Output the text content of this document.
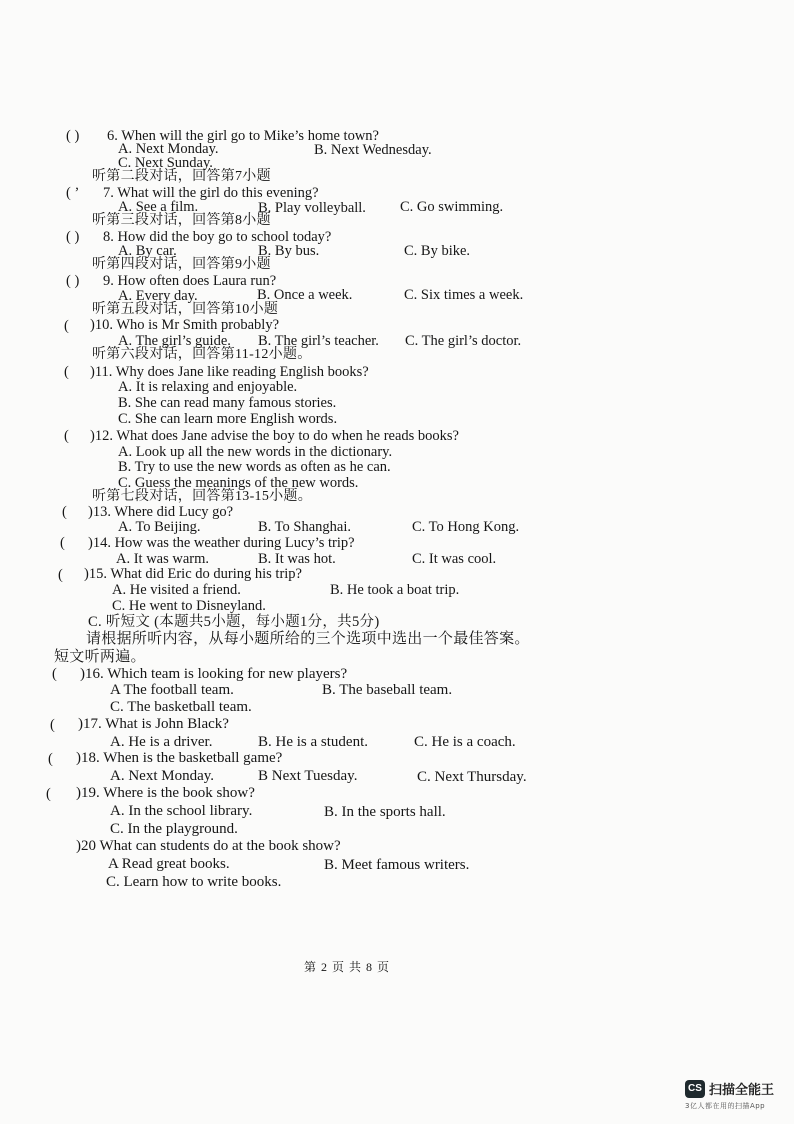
( ) 6. When will the girl go to Mike’s home town?
A. Next Monday.	B. Next Wednesday.
C. Next Sunday.
听第二段对话，回答第7小题
( ’ 7. What will the girl do this evening?
A. See a film.	B. Play volleyball. C. Go swimming.
听第三段对话，回答第8小题
( ) 8. How did the boy go to school today?
A. By car.	B. By bus.	C. By bike.
听第四段对话，回答第9小题
( ) 9. How often does Laura run?
A. Every day.	B. Once a week.	C. Six times a week.
听第五段对话，回答第10小题
( )10. Who is Mr Smith probably?
A. The girl’s guide. B. The girl’s teacher. C. The girl’s doctor.
听第六段对话，回答第11-12小题。
( )11. Why does Jane like reading English books?
A. It is relaxing and enjoyable.
B. She can read many famous stories.
C. She can learn more English words.
( )12. What does Jane advise the boy to do when he reads books?
A. Look up all the new words in the dictionary.
B. Try to use the new words as often as he can.
C. Guess the meanings of the new words.
听第七段对话，回答第13-15小题。
( )13. Where did Lucy go?
A. To Beijing.	B. To Shanghai.	C. To Hong Kong.
( )14. How was the weather during Lucy’s trip?
A. It was warm.	B. It was hot.	C. It was cool.
( )15. What did Eric do during his trip?
A. He visited a friend.	B. He took a boat trip.
C. He went to Disneyland.
C. 听短文 (本题共5小题，每小题1分，共5分)
请根据所听内容，从每小题所给的三个选项中选出一个最佳答案。
短文听两遍。
( )16. Which team is looking for new players?
A The football team.	B. The baseball team.
C. The basketball team.
( )17. What is John Black?
A. He is a driver.	B. He is a student.	C. He is a coach.
( )18. When is the basketball game?
A. Next Monday.	B Next Tuesday.	C. Next Thursday.
( )19. Where is the book show?
A. In the school library.	B. In the sports hall.
C. In the playground.
)20 What can students do at the book show?
A Read great books.	B. Meet famous writers.
C. Learn how to write books.
第 2 页 共 8 页
CS 扫描全能王
3亿人都在用的扫描App
